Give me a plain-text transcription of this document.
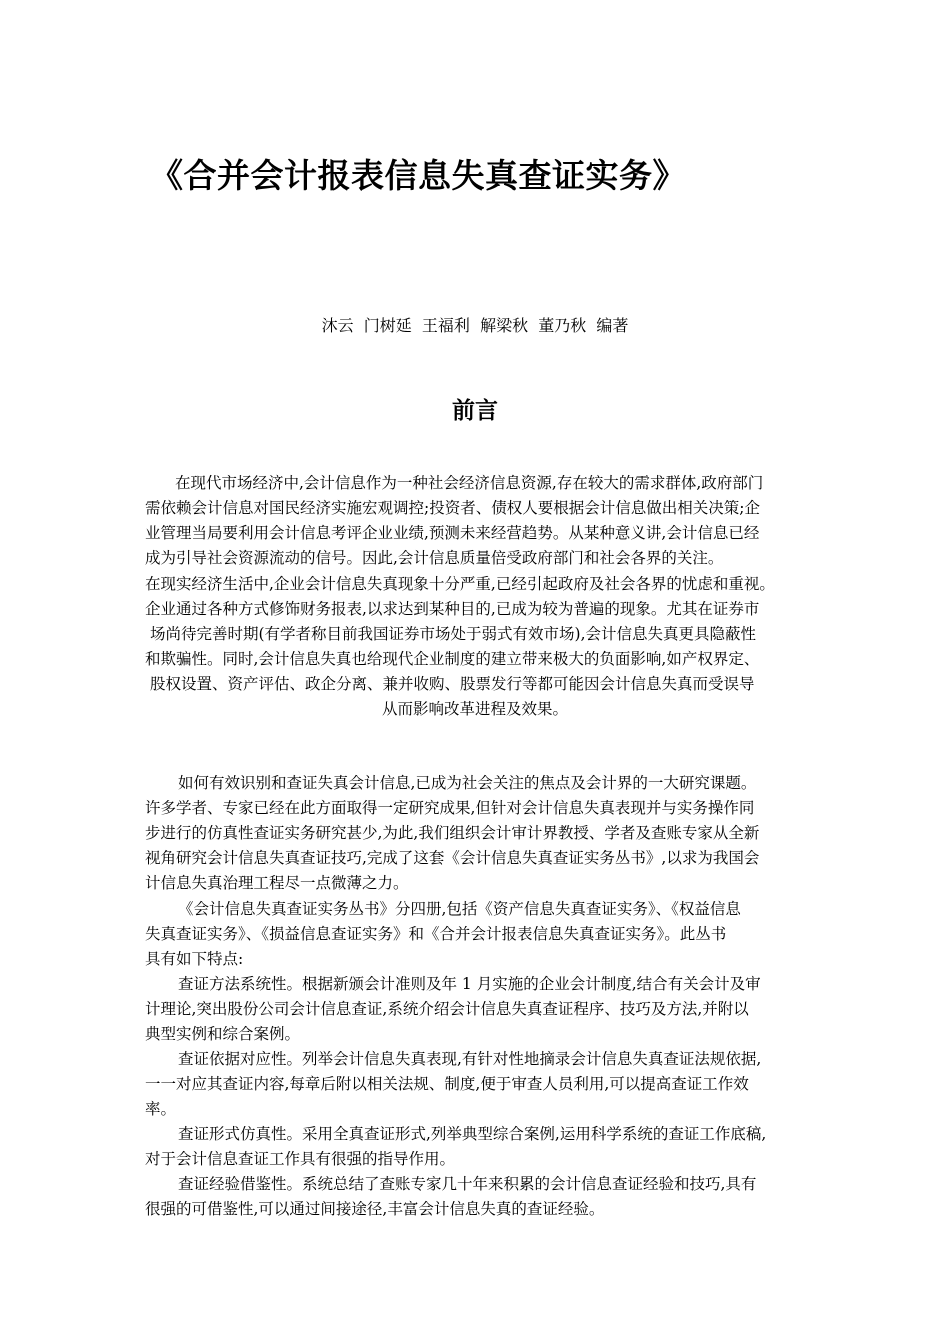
《合并会计报表信息失真查证实务》

沐云  门树延  王福利  解梁秋  董乃秋  编著

前言

在现代市场经济中,会计信息作为一种社会经济信息资源,存在较大的需求群体,政府部门

需依赖会计信息对国民经济实施宏观调控;投资者、债权人要根据会计信息做出相关决策;企

业管理当局要利用会计信息考评企业业绩,预测未来经营趋势。从某种意义讲,会计信息已经

成为引导社会资源流动的信号。因此,会计信息质量倍受政府部门和社会各界的关注。

在现实经济生活中,企业会计信息失真现象十分严重,已经引起政府及社会各界的忧虑和重视。

企业通过各种方式修饰财务报表,以求达到某种目的,已成为较为普遍的现象。尤其在证券市

场尚待完善时期(有学者称目前我国证券市场处于弱式有效市场),会计信息失真更具隐蔽性

和欺骗性。同时,会计信息失真也给现代企业制度的建立带来极大的负面影响,如产权界定、

股权设置、资产评估、政企分离、兼并收购、股票发行等都可能因会计信息失真而受误导

从而影响改革进程及效果。

如何有效识别和查证失真会计信息,已成为社会关注的焦点及会计界的一大研究课题。

许多学者、专家已经在此方面取得一定研究成果,但针对会计信息失真表现并与实务操作同

步进行的仿真性查证实务研究甚少,为此,我们组织会计审计界教授、学者及查账专家从全新

视角研究会计信息失真查证技巧,完成了这套《会计信息失真查证实务丛书》,以求为我国会

计信息失真治理工程尽一点微薄之力。

《会计信息失真查证实务丛书》分四册,包括《资产信息失真查证实务》、《权益信息

失真查证实务》、《损益信息查证实务》和《合并会计报表信息失真查证实务》。此丛书

具有如下特点:

查证方法系统性。根据新颁会计准则及年 1 月实施的企业会计制度,结合有关会计及审

计理论,突出股份公司会计信息查证,系统介绍会计信息失真查证程序、技巧及方法,并附以

典型实例和综合案例。

查证依据对应性。列举会计信息失真表现,有针对性地摘录会计信息失真查证法规依据,

一一对应其查证内容,每章后附以相关法规、制度,便于审查人员利用,可以提高查证工作效

率。

查证形式仿真性。采用全真查证形式,列举典型综合案例,运用科学系统的查证工作底稿,

对于会计信息查证工作具有很强的指导作用。

查证经验借鉴性。系统总结了查账专家几十年来积累的会计信息查证经验和技巧,具有

很强的可借鉴性,可以通过间接途径,丰富会计信息失真的查证经验。
